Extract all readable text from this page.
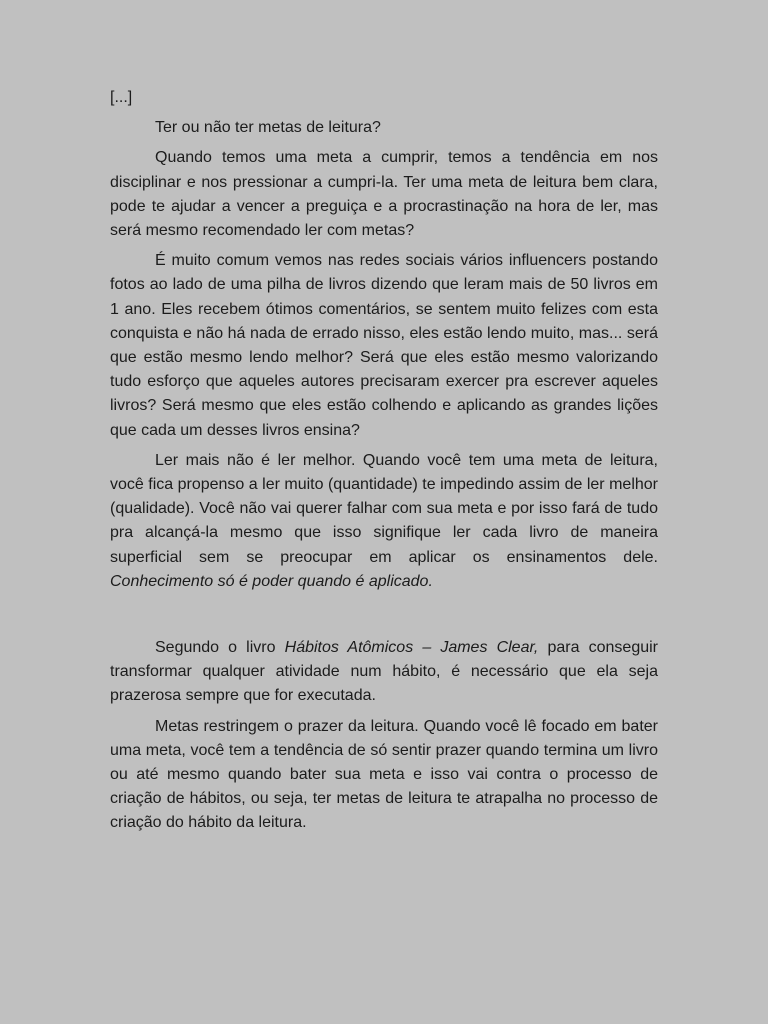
[...]

Ter ou não ter metas de leitura?

Quando temos uma meta a cumprir, temos a tendência em nos disciplinar e nos pressionar a cumpri-la. Ter uma meta de leitura bem clara, pode te ajudar a vencer a preguiça e a procrastinação na hora de ler, mas será mesmo recomendado ler com metas?

É muito comum vemos nas redes sociais vários influencers postando fotos ao lado de uma pilha de livros dizendo que leram mais de 50 livros em 1 ano. Eles recebem ótimos comentários, se sentem muito felizes com esta conquista e não há nada de errado nisso, eles estão lendo muito, mas... será que estão mesmo lendo melhor? Será que eles estão mesmo valorizando tudo esforço que aqueles autores precisaram exercer pra escrever aqueles livros? Será mesmo que eles estão colhendo e aplicando as grandes lições que cada um desses livros ensina?

Ler mais não é ler melhor. Quando você tem uma meta de leitura, você fica propenso a ler muito (quantidade) te impedindo assim de ler melhor (qualidade). Você não vai querer falhar com sua meta e por isso fará de tudo pra alcançá-la mesmo que isso signifique ler cada livro de maneira superficial sem se preocupar em aplicar os ensinamentos dele. Conhecimento só é poder quando é aplicado.

Segundo o livro Hábitos Atômicos – James Clear, para conseguir transformar qualquer atividade num hábito, é necessário que ela seja prazerosa sempre que for executada.

Metas restringem o prazer da leitura. Quando você lê focado em bater uma meta, você tem a tendência de só sentir prazer quando termina um livro ou até mesmo quando bater sua meta e isso vai contra o processo de criação de hábitos, ou seja, ter metas de leitura te atrapalha no processo de criação do hábito da leitura.
